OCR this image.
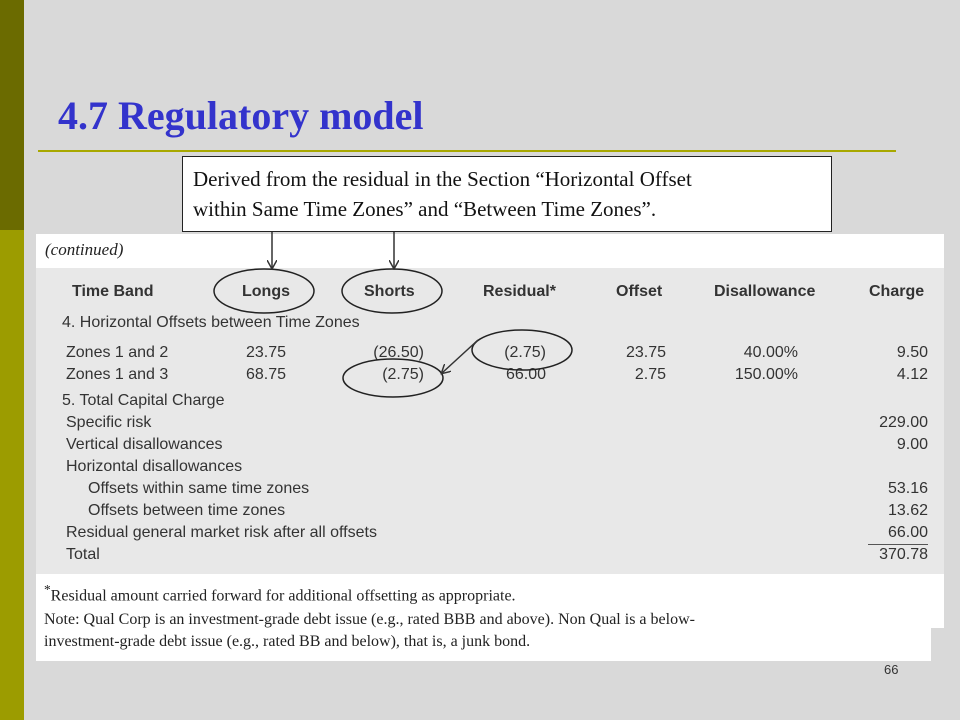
4.7 Regulatory model
Derived from the residual in the Section “Horizontal Offset
within Same Time Zones” and “Between Time Zones”.
(continued)
Time Band	Longs	Shorts	Residual*	Offset	Disallowance	Charge
4. Horizontal Offsets between Time Zones
Zones 1 and 2	23.75	(26.50)	(2.75)	23.75	40.00%	9.50
Zones 1 and 3	68.75	(2.75)	66.00	2.75	150.00%	4.12
5. Total Capital Charge
Specific risk	229.00
Vertical disallowances	9.00
Horizontal disallowances
Offsets within same time zones	53.16
Offsets between time zones	13.62
Residual general market risk after all offsets	66.00
Total	370.78
*Residual amount carried forward for additional offsetting as appropriate.
Note: Qual Corp is an investment-grade debt issue (e.g., rated BBB and above). Non Qual is a below-
investment-grade debt issue (e.g., rated BB and below), that is, a junk bond.
66
